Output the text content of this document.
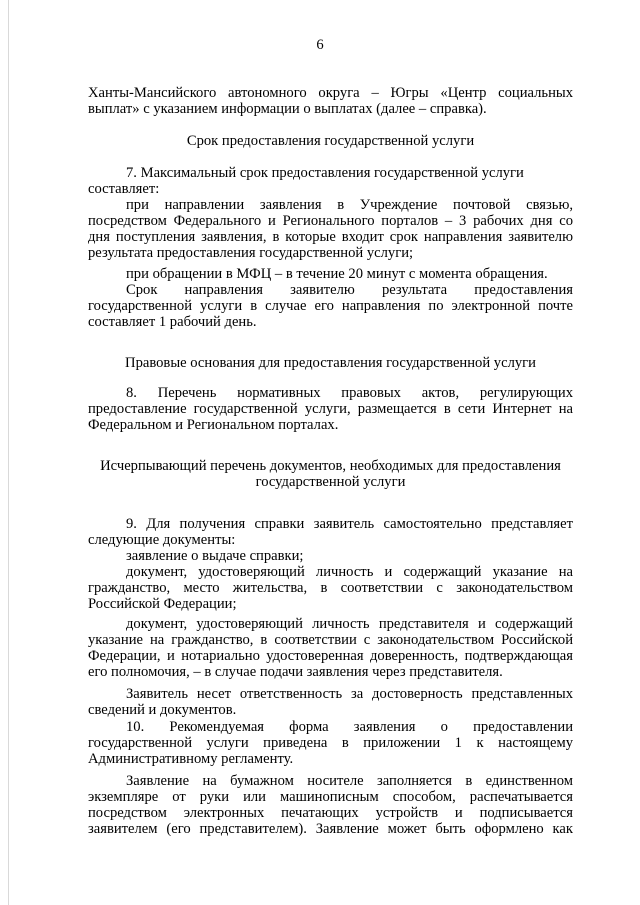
6
Ханты-Мансийского автономного округа – Югры «Центр социальных
выплат» с указанием информации о выплатах (далее – справка).
Срок предоставления государственной услуги
7. Максимальный срок предоставления государственной услуги
составляет:
при направлении заявления в Учреждение почтовой связью,
посредством Федерального и Регионального порталов – 3 рабочих дня со
дня поступления заявления, в которые входит срок направления заявителю
результата предоставления государственной услуги;
при обращении в МФЦ – в течение 20 минут с момента обращения.
Срок направления заявителю результата предоставления
государственной услуги в случае его направления по электронной почте
составляет 1 рабочий день.
Правовые основания для предоставления государственной услуги
8. Перечень нормативных правовых актов, регулирующих
предоставление государственной услуги, размещается в сети Интернет на
Федеральном и Региональном порталах.
Исчерпывающий перечень документов, необходимых для предоставления
государственной услуги
9. Для получения справки заявитель самостоятельно представляет
следующие документы:
заявление о выдаче справки;
документ, удостоверяющий личность и содержащий указание на
гражданство, место жительства, в соответствии с законодательством
Российской Федерации;
документ, удостоверяющий личность представителя и содержащий
указание на гражданство, в соответствии с законодательством Российской
Федерации, и нотариально удостоверенная доверенность, подтверждающая
его полномочия, – в случае подачи заявления через представителя.
Заявитель несет ответственность за достоверность представленных
сведений и документов.
10. Рекомендуемая форма заявления о предоставлении
государственной услуги приведена в приложении 1 к настоящему
Административному регламенту.
Заявление на бумажном носителе заполняется в единственном
экземпляре от руки или машинописным способом, распечатывается
посредством электронных печатающих устройств и подписывается
заявителем (его представителем). Заявление может быть оформлено как
